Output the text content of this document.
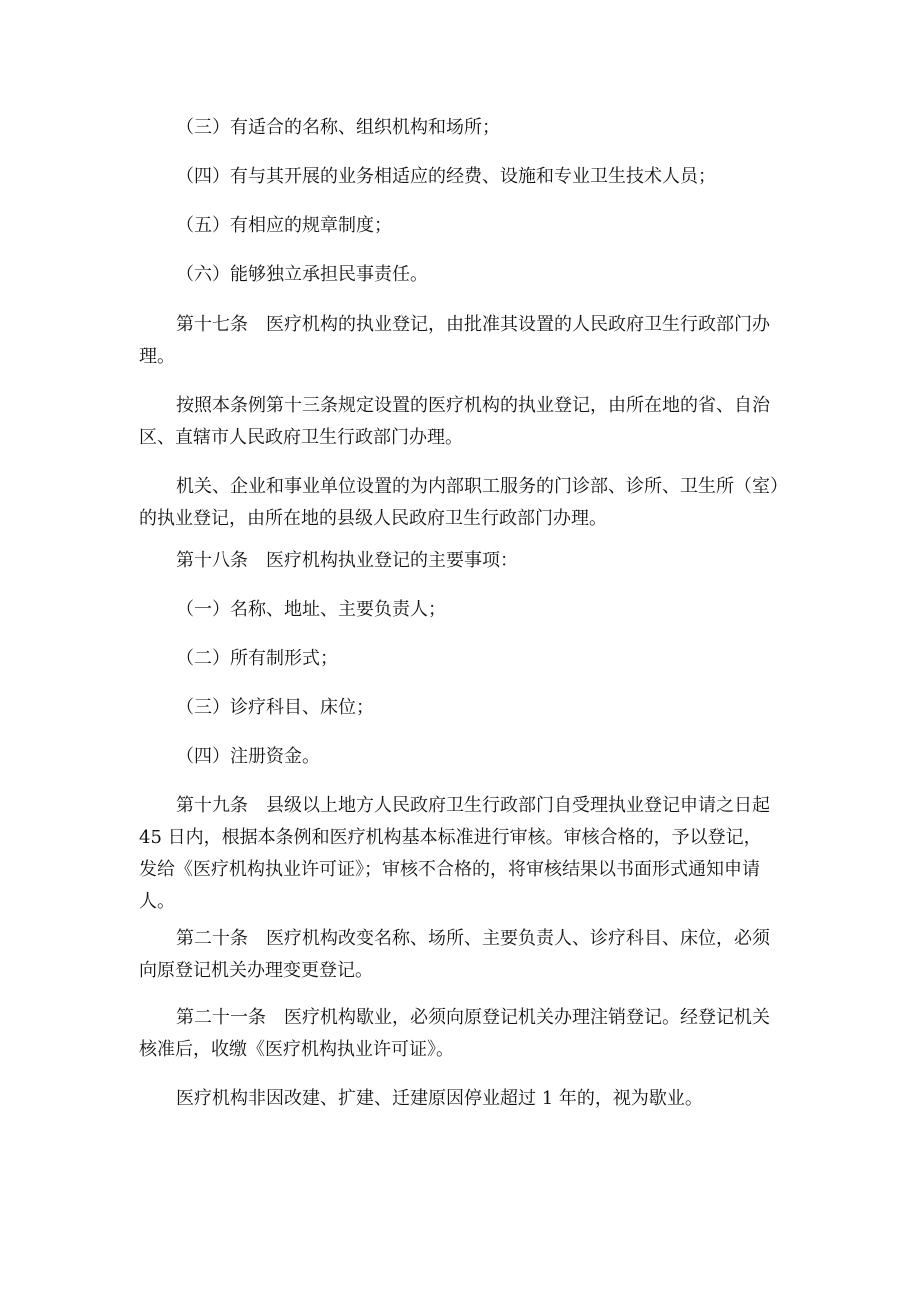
（三）有适合的名称、组织机构和场所；

（四）有与其开展的业务相适应的经费、设施和专业卫生技术人员；

（五）有相应的规章制度；

（六）能够独立承担民事责任。

第十七条　医疗机构的执业登记，由批准其设置的人民政府卫生行政部门办
理。
按照本条例第十三条规定设置的医疗机构的执业登记，由所在地的省、自治
区、直辖市人民政府卫生行政部门办理。
机关、企业和事业单位设置的为内部职工服务的门诊部、诊所、卫生所（室）
的执业登记，由所在地的县级人民政府卫生行政部门办理。

第十八条　医疗机构执业登记的主要事项：

（一）名称、地址、主要负责人；

（二）所有制形式；

（三）诊疗科目、床位；

（四）注册资金。

第十九条　县级以上地方人民政府卫生行政部门自受理执业登记申请之日起
45 日内，根据本条例和医疗机构基本标准进行审核。审核合格的，予以登记，
发给《医疗机构执业许可证》；审核不合格的，将审核结果以书面形式通知申请
人。
第二十条　医疗机构改变名称、场所、主要负责人、诊疗科目、床位，必须
向原登记机关办理变更登记。
第二十一条　医疗机构歇业，必须向原登记机关办理注销登记。经登记机关
核准后，收缴《医疗机构执业许可证》。

医疗机构非因改建、扩建、迁建原因停业超过 1 年的，视为歇业。
